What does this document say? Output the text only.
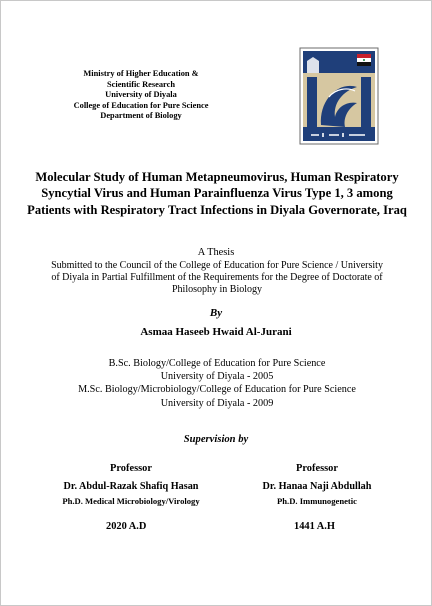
Ministry of Higher Education &
Scientific Research
University of Diyala
College of Education for Pure Science
Department of Biology
Molecular Study of Human Metapneumovirus, Human Respiratory Syncytial Virus and Human Parainfluenza Virus Type 1, 3 among Patients with Respiratory Tract Infections in Diyala Governorate, Iraq
A Thesis
Submitted to the Council of the College of Education for Pure Science / University of Diyala in Partial Fulfillment of the Requirements for the Degree of Doctorate of Philosophy in Biology
By
Asmaa Haseeb Hwaid Al-Jurani
B.Sc. Biology/College of Education for Pure Science
University of Diyala - 2005
M.Sc. Biology/Microbiology/College of Education for Pure Science
University of Diyala - 2009
Supervision by
Professor
Dr. Abdul-Razak Shafiq Hasan
Ph.D. Medical Microbiology/Virology
Professor
Dr. Hanaa Naji Abdullah
Ph.D. Immunogenetic
2020 A.D	1441 A.H
